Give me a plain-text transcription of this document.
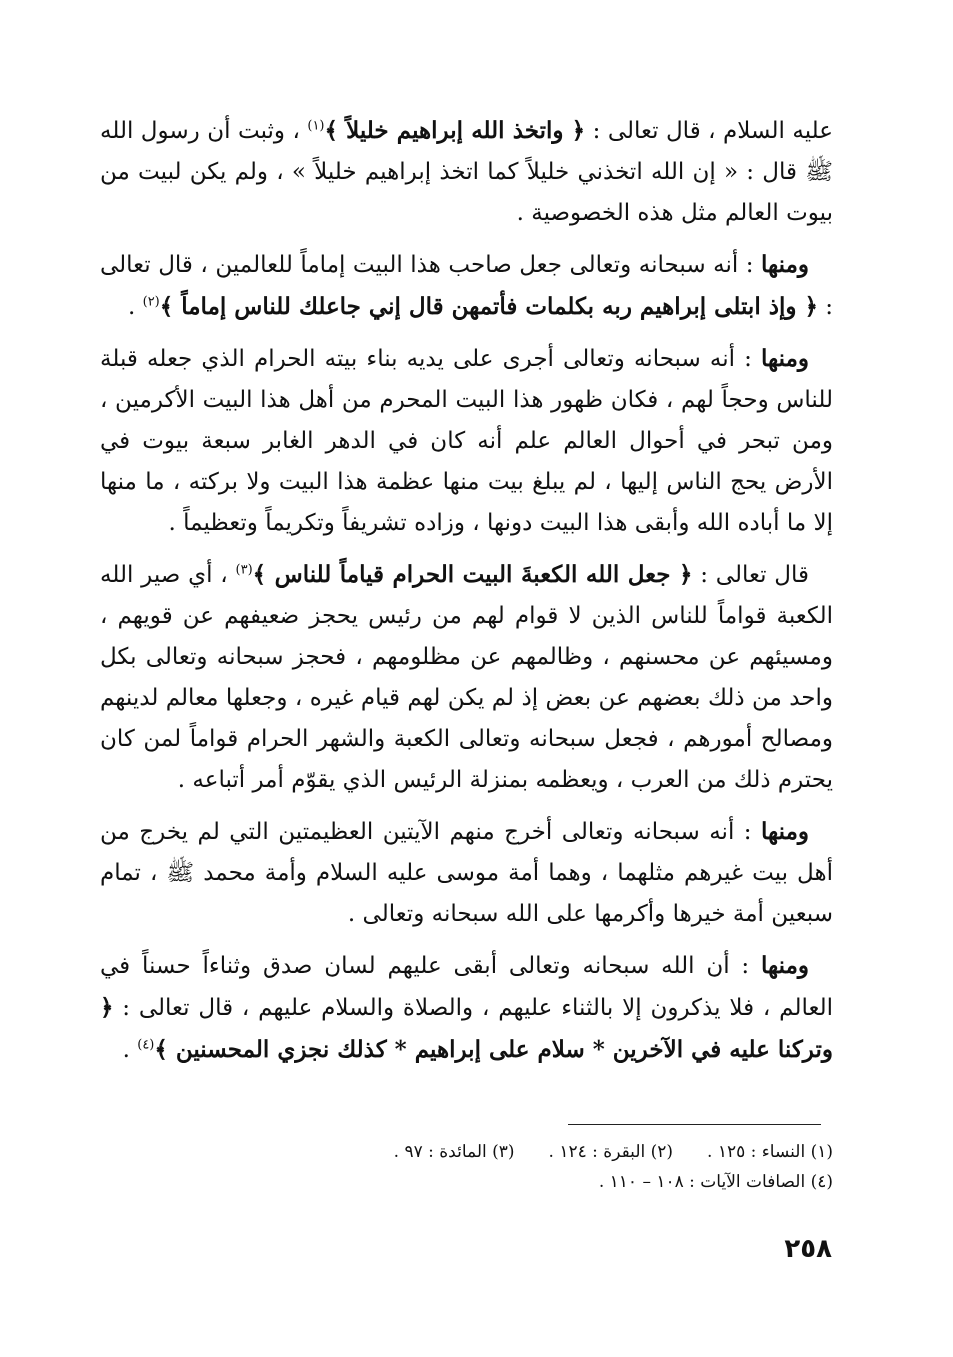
عليه السلام ، قال تعالى : ﴿ واتخذ الله إبراهيم خليلاً ﴾$^{(١)}$ ، وثبت أن رسول الله ﷺ قال : « إن الله اتخذني خليلاً كما اتخذ إبراهيم خليلاً » ، ولم يكن لبيت من بيوت العالم مثل هذه الخصوصية .

ومنها : أنه سبحانه وتعالى جعل صاحب هذا البيت إماماً للعالمين ، قال تعالى : ﴿ وإذ ابتلى إبراهيم ربه بكلمات فأتمهن قال إني جاعلك للناس إماماً ﴾$^{(٢)}$ .

ومنها : أنه سبحانه وتعالى أجرى على يديه بناء بيته الحرام الذي جعله قبلة للناس وحجاً لهم ، فكان ظهور هذا البيت المحرم من أهل هذا البيت الأكرمين ، ومن تبحر في أحوال العالم علم أنه كان في الدهر الغابر سبعة بيوت في الأرض يحج الناس إليها ، لم يبلغ بيت منها عظمة هذا البيت ولا بركته ، ما منها إلا ما أباده الله وأبقى هذا البيت دونها ، وزاده تشريفاً وتكريماً وتعظيماً .

قال تعالى : ﴿ جعل الله الكعبةَ البيت الحرام قياماً للناس ﴾$^{(٣)}$ ، أي صير الله الكعبة قواماً للناس الذين لا قوام لهم من رئيس يحجز ضعيفهم عن قويهم ، ومسيئهم عن محسنهم ، وظالمهم عن مظلومهم ، فحجز سبحانه وتعالى بكل واحد من ذلك بعضهم عن بعض إذ لم يكن لهم قيام غيره ، وجعلها معالم لدينهم ومصالح أمورهم ، فجعل سبحانه وتعالى الكعبة والشهر الحرام قواماً لمن كان يحترم ذلك من العرب ، ويعظمه بمنزلة الرئيس الذي يقوّم أمر أتباعه .

ومنها : أنه سبحانه وتعالى أخرج منهم الآيتين العظيمتين التي لم يخرج من أهل بيت غيرهم مثلهما ، وهما أمة موسى عليه السلام وأمة محمد ﷺ ، تمام سبعين أمة خيرها وأكرمها على الله سبحانه وتعالى .

ومنها : أن الله سبحانه وتعالى أبقى عليهم لسان صدق وثناءاً حسناً في العالم ، فلا يذكرون إلا بالثناء عليهم ، والصلاة والسلام عليهم ، قال تعالى : ﴿ وتركنا عليه في الآخرين * سلام على إبراهيم * كذلك نجزي المحسنين ﴾$^{(٤)}$ .

(١) النساء : ١٢٥ .(٢) البقرة : ١٢٤ .(٣) المائدة : ٩٧ .
(٤) الصافات الآيات : ١٠٨ – ١١٠ .
٢٥٨
